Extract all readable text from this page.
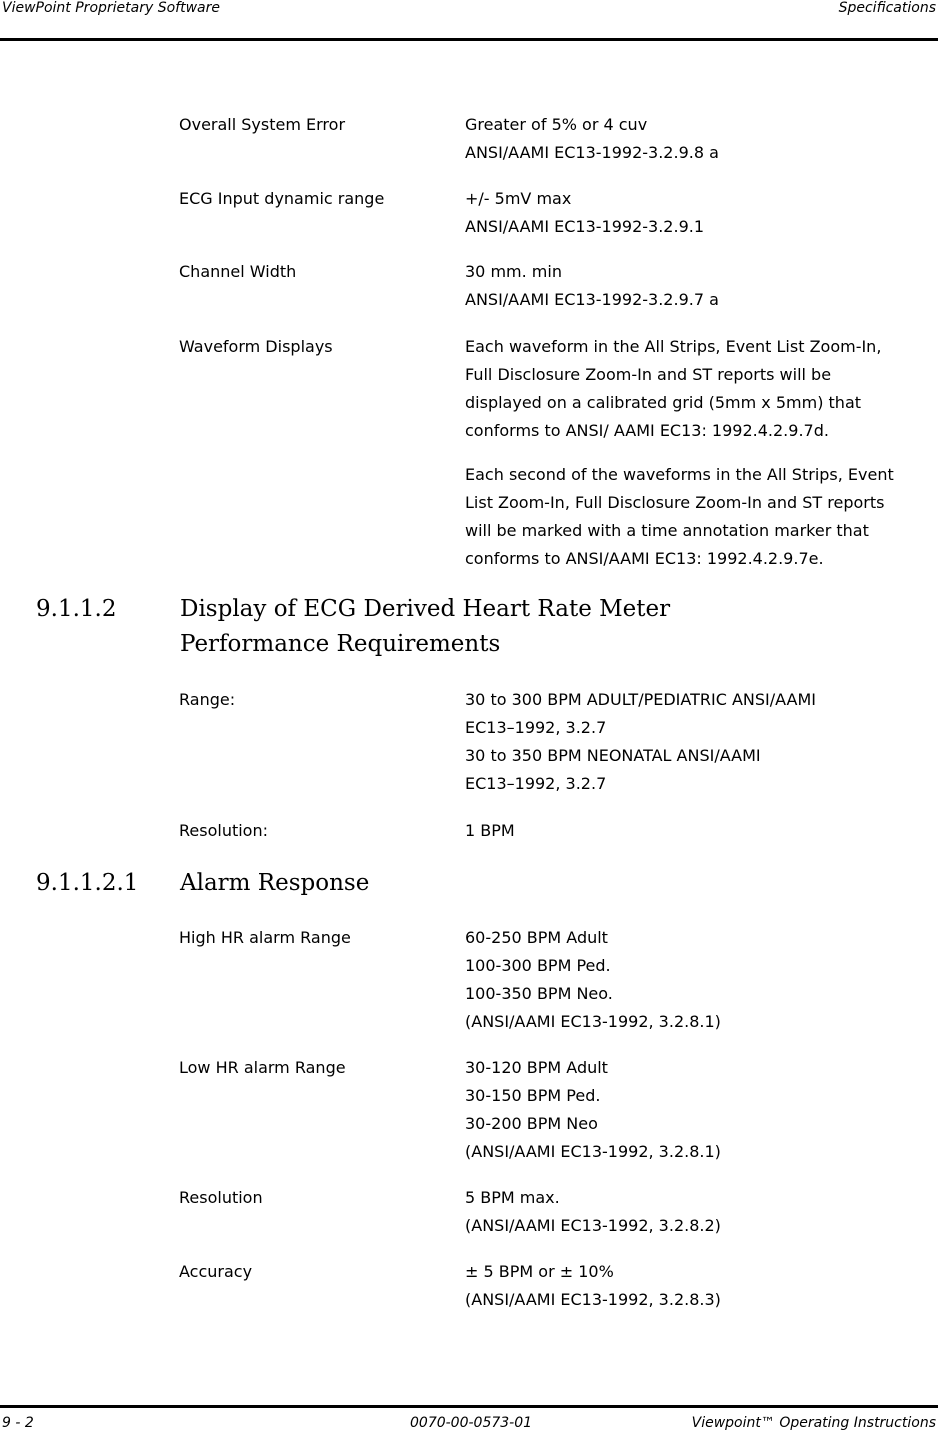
ViewPoint Proprietary Software	Specifications
Overall System Error	Greater of 5% or 4 cuv
ANSI/AAMI EC13-1992-3.2.9.8 a
ECG Input dynamic range	+/- 5mV max
ANSI/AAMI EC13-1992-3.2.9.1
Channel Width	30 mm. min
ANSI/AAMI EC13-1992-3.2.9.7 a
Waveform Displays	Each waveform in the All Strips, Event List Zoom-In, Full Disclosure Zoom-In and ST reports will be displayed on a calibrated grid (5mm x 5mm) that conforms to ANSI/ AAMI EC13: 1992.4.2.9.7d.
Each second of the waveforms in the All Strips, Event List Zoom-In, Full Disclosure Zoom-In and ST reports will be marked with a time annotation marker that conforms to ANSI/AAMI EC13: 1992.4.2.9.7e.
9.1.1.2	Display of ECG Derived Heart Rate Meter Performance Requirements
Range:	30 to 300 BPM ADULT/PEDIATRIC ANSI/AAMI
EC13–1992, 3.2.7
30 to 350 BPM NEONATAL ANSI/AAMI
EC13–1992, 3.2.7
Resolution:	1 BPM
9.1.1.2.1 Alarm Response
High HR alarm Range	60-250 BPM Adult
100-300 BPM Ped.
100-350 BPM Neo.
(ANSI/AAMI EC13-1992, 3.2.8.1)
Low HR alarm Range	30-120 BPM Adult
30-150 BPM Ped.
30-200 BPM Neo
(ANSI/AAMI EC13-1992, 3.2.8.1)
Resolution	5 BPM max.
(ANSI/AAMI EC13-1992, 3.2.8.2)
Accuracy	± 5 BPM or ± 10%
(ANSI/AAMI EC13-1992, 3.2.8.3)
9 - 2	0070-00-0573-01	Viewpoint™ Operating Instructions
